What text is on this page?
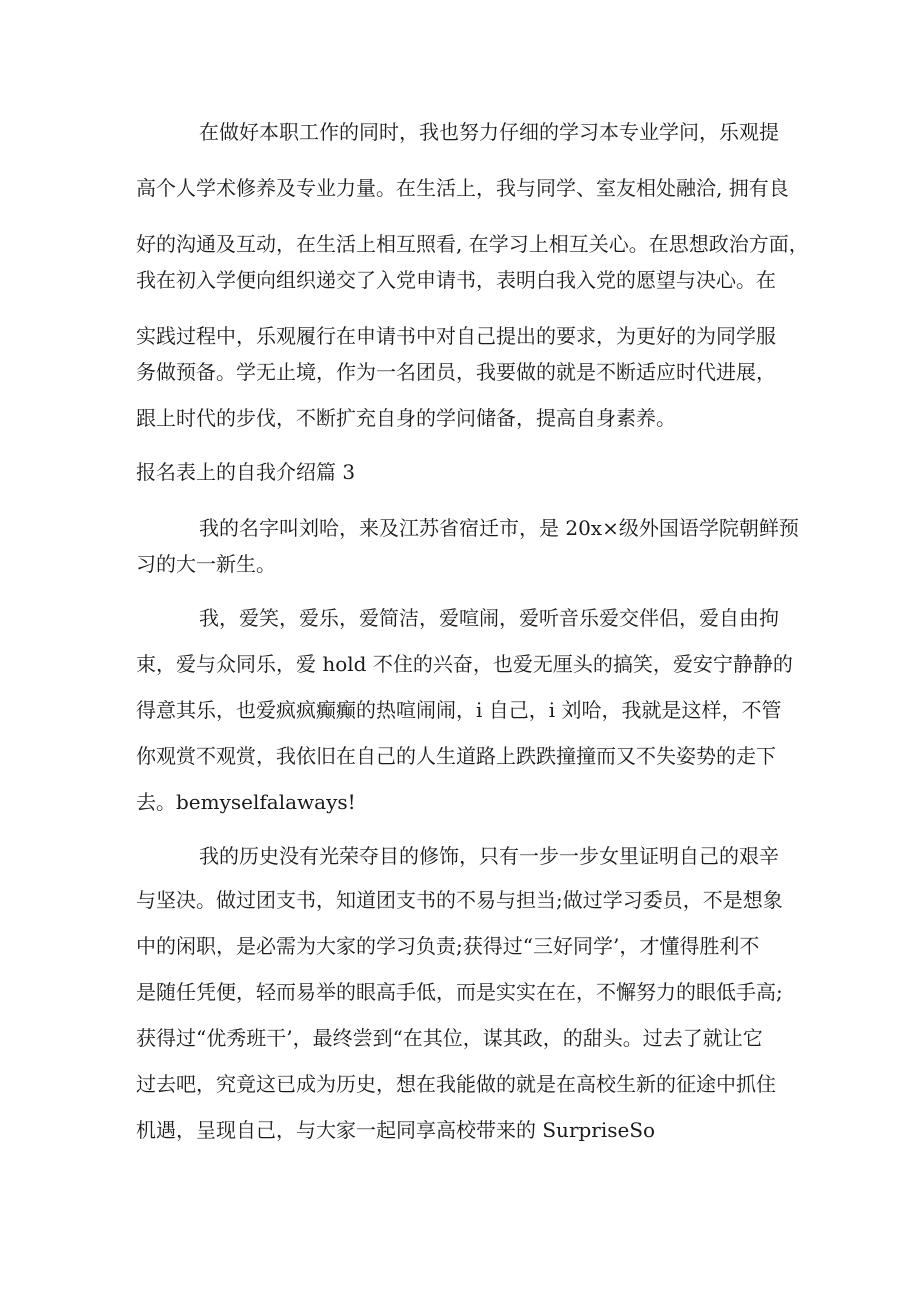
在做好本职工作的同时，我也努力仔细的学习本专业学问，乐观提

高个人学术修养及专业力量。在生活上，我与同学、室友相处融洽, 拥有良

好的沟通及互动，在生活上相互照看, 在学习上相互关心。在思想政治方面，

我在初入学便向组织递交了入党申请书，表明白我入党的愿望与决心。在

实践过程中，乐观履行在申请书中对自己提出的要求，为更好的为同学服

务做预备。学无止境，作为一名团员，我要做的就是不断适应时代进展，

跟上时代的步伐，不断扩充自身的学问储备，提高自身素养。

报名表上的自我介绍篇 3

我的名字叫刘哈，来及江苏省宿迁市，是 20x×级外国语学院朝鲜预

习的大一新生。

我，爱笑，爱乐，爱简洁，爱喧闹，爱听音乐爱交伴侣，爱自由拘

束，爱与众同乐，爱 hold 不住的兴奋，也爱无厘头的搞笑，爱安宁静静的

得意其乐，也爱疯疯癫癫的热喧闹闹，i 自己，i 刘哈，我就是这样，不管

你观赏不观赏，我依旧在自己的人生道路上跌跌撞撞而又不失姿势的走下

去。bemyselfalaways!

我的历史没有光荣夺目的修饰，只有一步一步女里证明自己的艰辛

与坚决。做过团支书，知道团支书的不易与担当;做过学习委员，不是想象

中的闲职，是必需为大家的学习负责;获得过“三好同学’，才懂得胜利不

是随任凭便，轻而易举的眼高手低，而是实实在在，不懈努力的眼低手高;

获得过“优秀班干’，最终尝到“在其位，谋其政，的甜头。过去了就让它

过去吧，究竟这已成为历史，想在我能做的就是在高校生新的征途中抓住

机遇，呈现自己，与大家一起同享高校带来的 SurpriseSo
